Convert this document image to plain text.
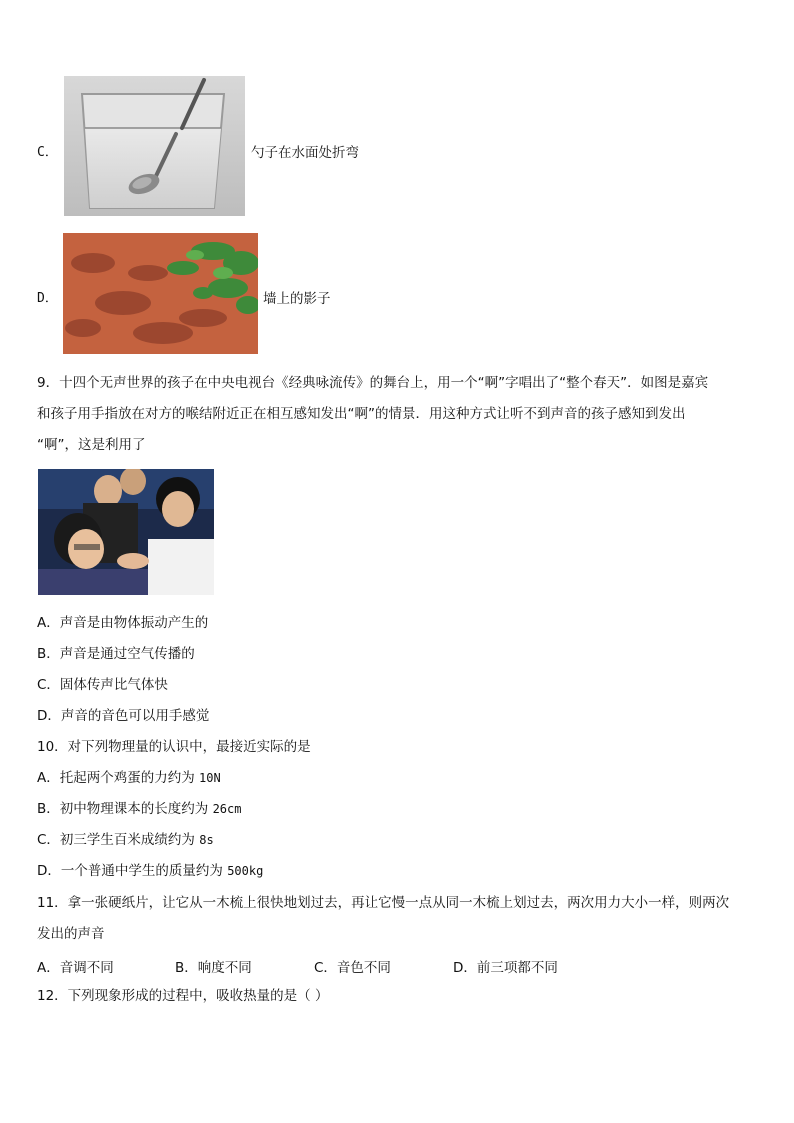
C．	勺子在水面处折弯
D．	墙上的影子
9．十四个无声世界的孩子在中央电视台《经典咏流传》的舞台上，用一个“啊”字唱出了“整个春天”．如图是嘉宾
和孩子用手指放在对方的喉结附近正在相互感知发出“啊”的情景．用这种方式让听不到声音的孩子感知到发出
“啊”，这是利用了
A．声音是由物体振动产生的
B．声音是通过空气传播的
C．固体传声比气体快
D．声音的音色可以用手感觉
10．对下列物理量的认识中，最接近实际的是
A．托起两个鸡蛋的力约为 10N
B．初中物理课本的长度约为 26cm
C．初三学生百米成绩约为 8s
D．一个普通中学生的质量约为 500kg
11．拿一张硬纸片，让它从一木梳上很快地划过去，再让它慢一点从同一木梳上划过去，两次用力大小一样，则两次
发出的声音
A．音调不同	B．响度不同	C．音色不同	D．前三项都不同
12．下列现象形成的过程中，吸收热量的是（ ）
